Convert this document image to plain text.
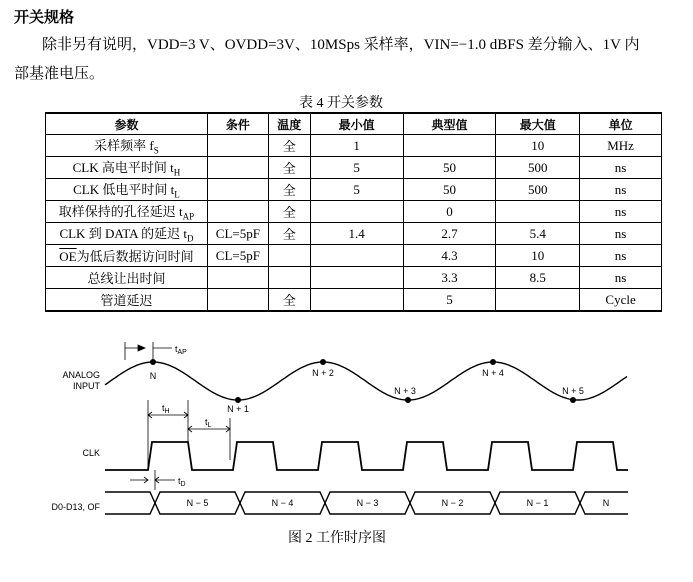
开关规格
除非另有说明，VDD=3 V、OVDD=3V、10MSps 采样率，VIN=−1.0 dBFS 差分输入、1V 内
部基准电压。
表 4 开关参数
参数	条件	温度	最小值	典型值	最大值	单位
采样频率 $f_S$		全	1		10	MHz
CLK 高电平时间 $t_H$		全	5	50	500	ns
CLK 低电平时间 $t_L$		全	5	50	500	ns
取样保持的孔径延迟 $t_{AP}$		全		0		ns
CLK 到 DATA 的延迟 $t_D$	CL=5pF	全	1.4	2.7	5.4	ns
$\overline{OE}$为低后数据访问时间	CL=5pF			4.3	10	ns
总线让出时间				3.3	8.5	ns
管道延迟		全		5		Cycle
ANALOG
INPUT
CLK
D0-D13, OF
N
N + 1
N + 2
N + 3
N + 4
N + 5
$t_{AP}$
$t_H$
$t_L$
$t_D$
N − 5	N − 4	N − 3	N − 2	N − 1	N
图 2 工作时序图
